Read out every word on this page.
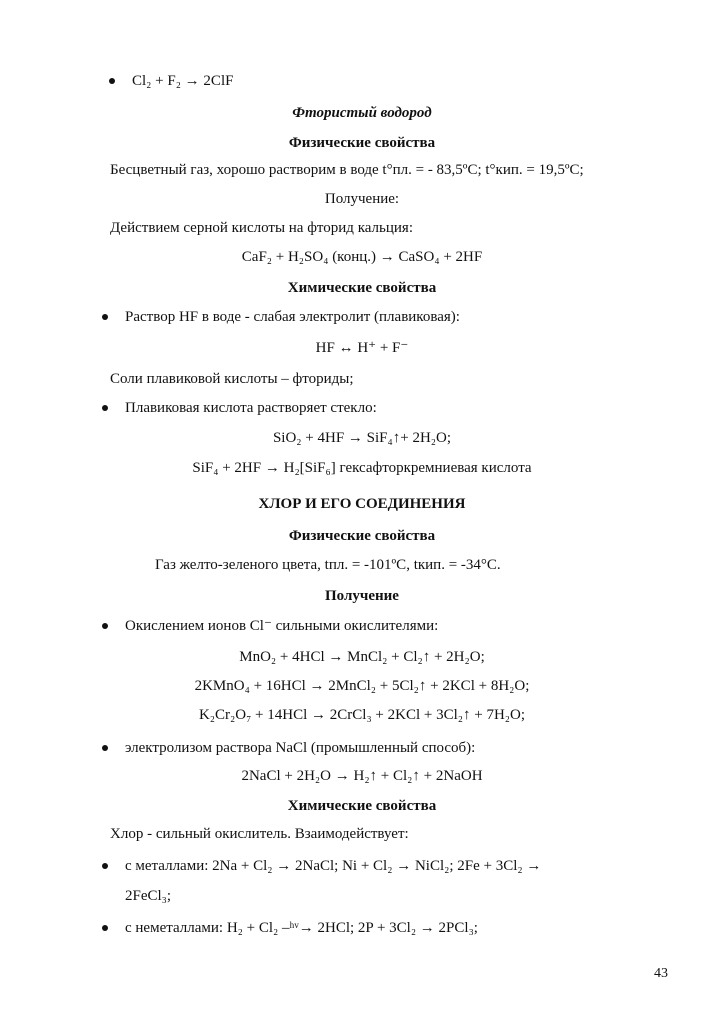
Cl₂ + F₂ → 2ClF
Фтористый водород
Физические свойства
Бесцветный газ, хорошо растворим в воде t°пл. = - 83,5ºС; t°кип. = 19,5ºС;
Получение:
Действием серной кислоты на фторид кальция:
CaF₂ + H₂SO₄ (конц.) → CaSO₄ + 2HF
Химические свойства
Раствор HF в воде - слабая электролит (плавиковая):
HF ↔ H⁺ + F⁻
Соли плавиковой кислоты – фториды;
Плавиковая кислота растворяет стекло:
SiO₂ + 4HF → SiF₄↑+ 2H₂O;
SiF₄ + 2HF → H₂[SiF₆] гексафторкремниевая кислота
ХЛОР И ЕГО СОЕДИНЕНИЯ
Физические свойства
Газ желто-зеленого цвета, tпл. = -101ºС, tкип. = -34°С.
Получение
Окислением ионов Cl⁻ сильными окислителями:
MnO₂ + 4HCl → MnCl₂ + Cl₂↑ + 2H₂O;
2KMnO₄ + 16HCl → 2MnCl₂ + 5Cl₂↑ + 2KCl + 8H₂O;
K₂Cr₂O₇ + 14HCl → 2CrCl₃ + 2KCl + 3Cl₂↑ + 7H₂O;
электролизом раствора NaCl (промышленный способ):
2NaCl + 2H₂O → H₂↑ + Cl₂↑ + 2NaOH
Химические свойства
Хлор - сильный окислитель. Взаимодействует:
с металлами: 2Na + Cl₂ → 2NaCl; Ni + Cl₂ → NiCl₂; 2Fe + 3Cl₂ →
2FeCl₃;
с неметаллами: H₂ + Cl₂ –ʰᵛ→ 2HCl; 2P + 3Cl₂ → 2PCl₃;
43
